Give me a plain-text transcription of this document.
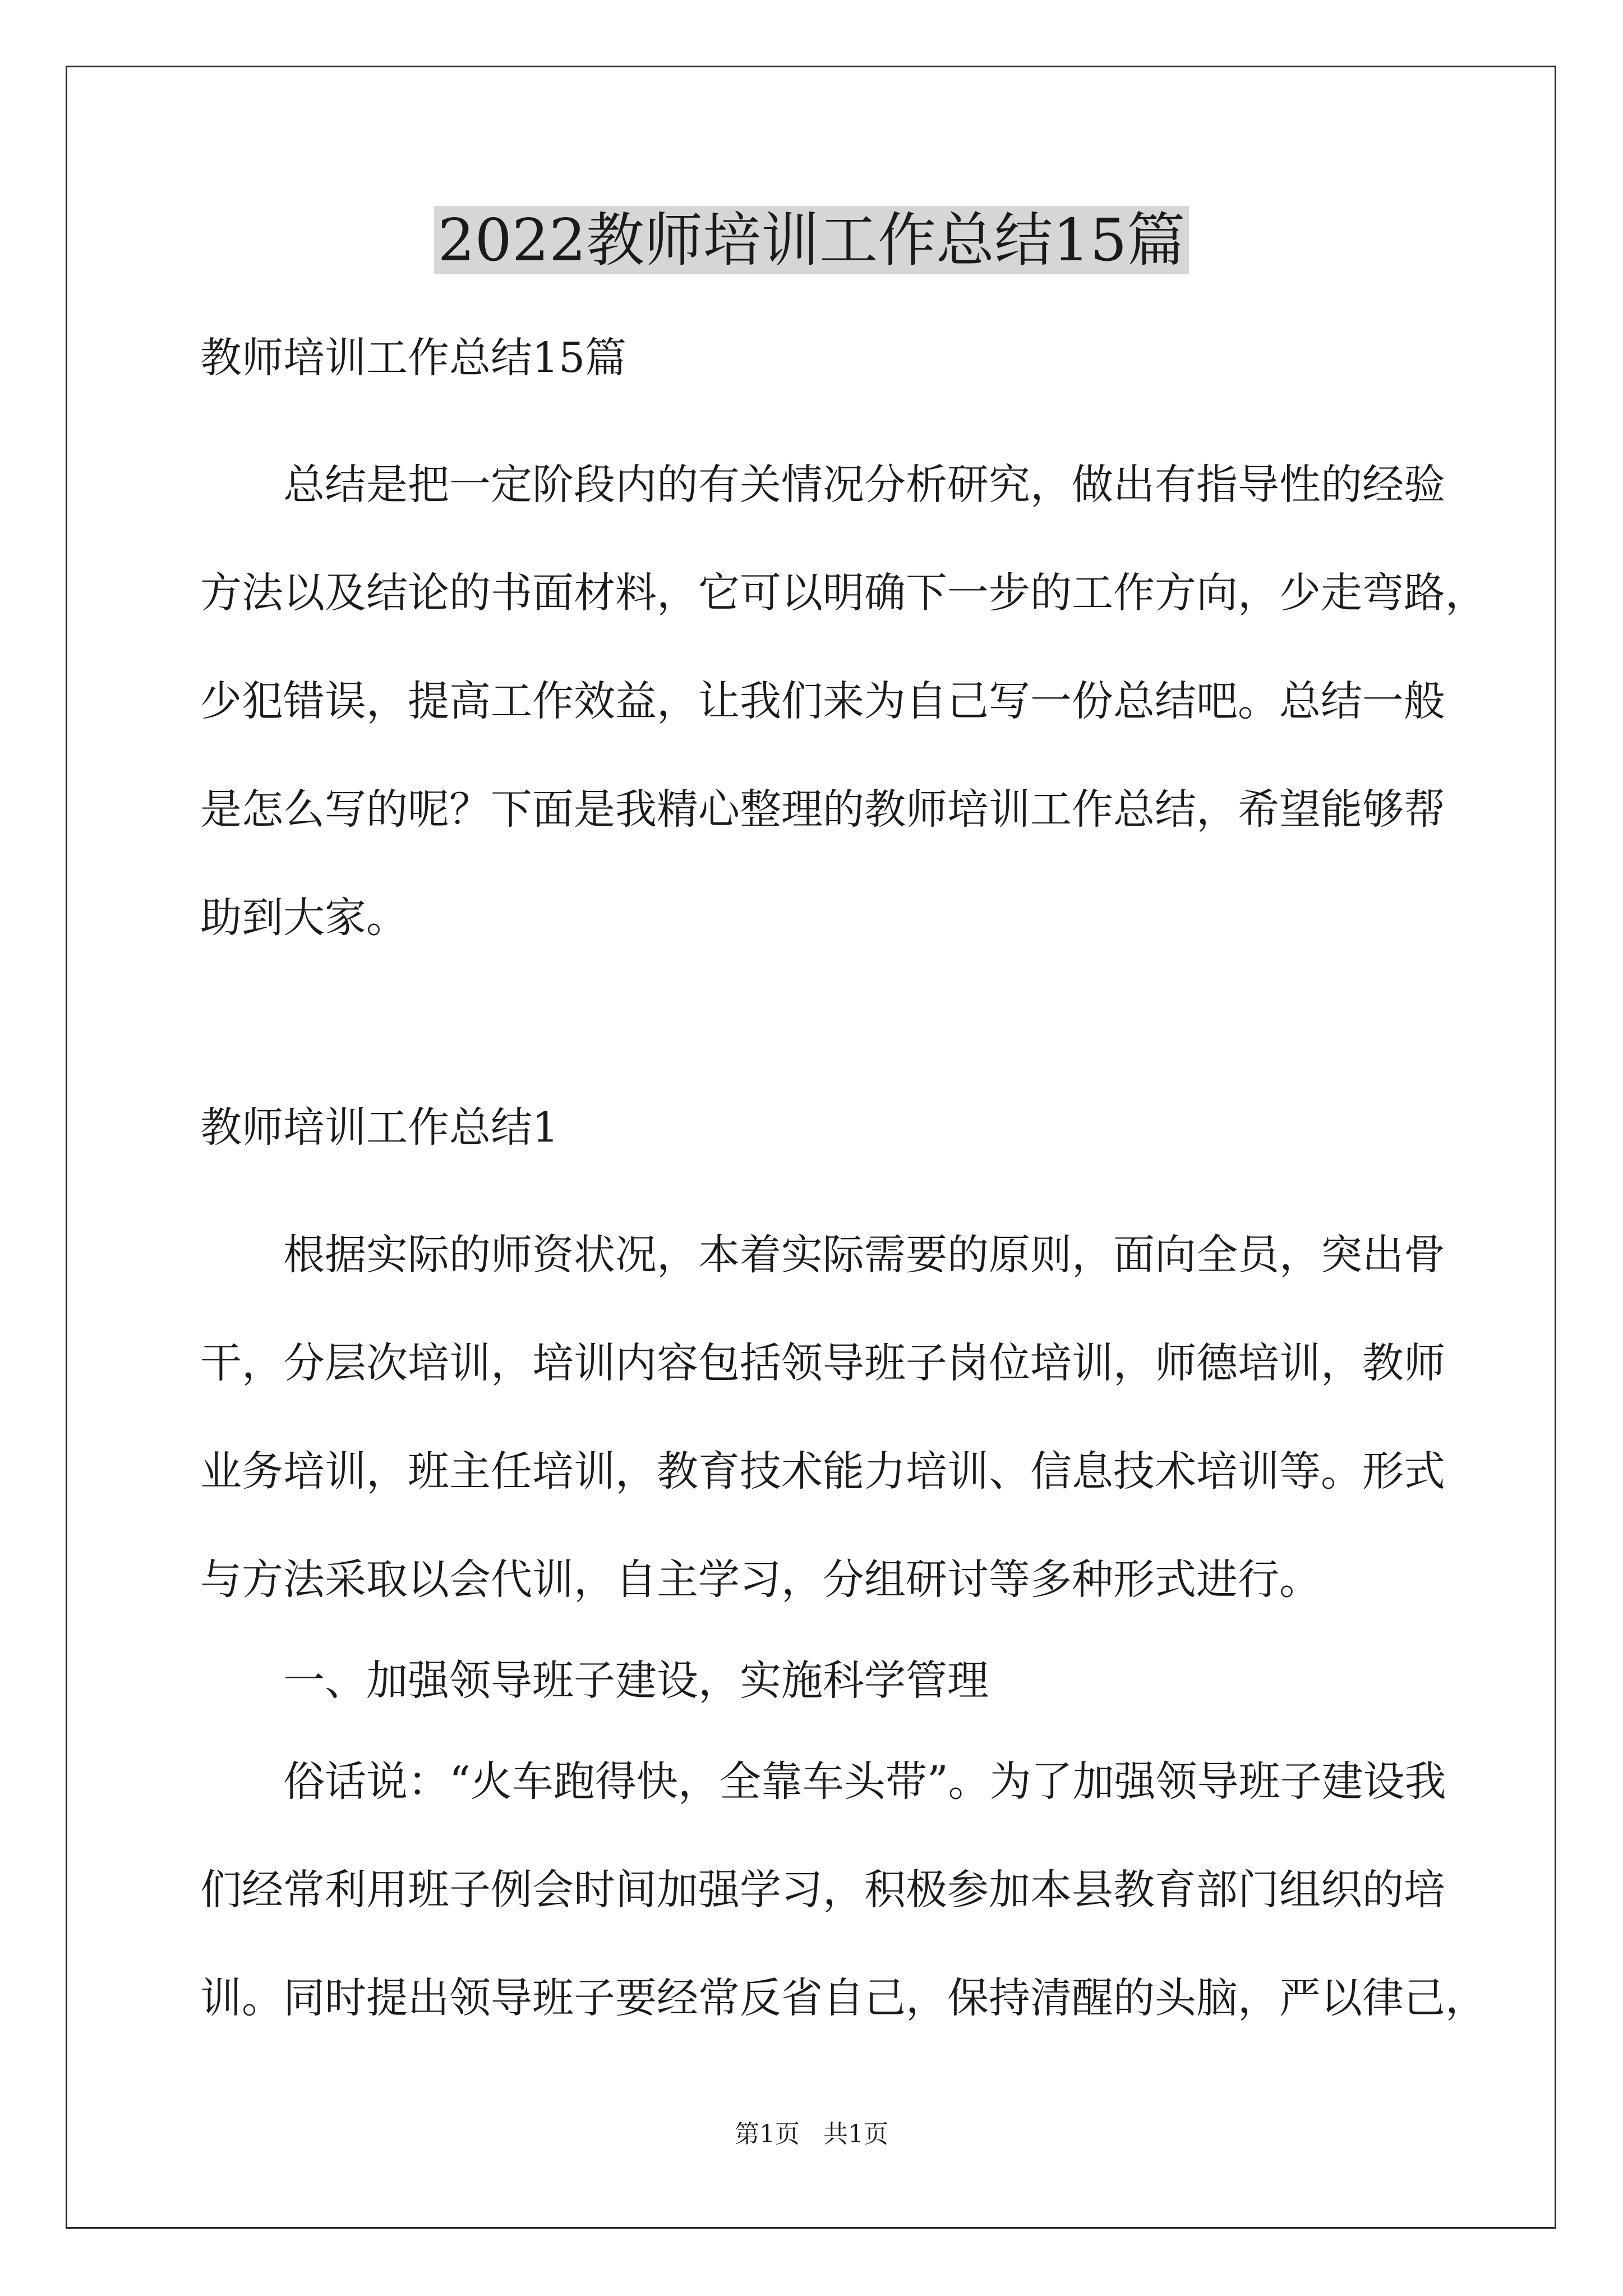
2022教师培训工作总结15篇
教师培训工作总结15篇
总结是把一定阶段内的有关情况分析研究，做出有指导性的经验
方法以及结论的书面材料，它可以明确下一步的工作方向，少走弯路，
少犯错误，提高工作效益，让我们来为自己写一份总结吧。总结一般
是怎么写的呢？下面是我精心整理的教师培训工作总结，希望能够帮
助到大家。
教师培训工作总结1
根据实际的师资状况，本着实际需要的原则，面向全员，突出骨
干，分层次培训，培训内容包括领导班子岗位培训，师德培训，教师
业务培训，班主任培训，教育技术能力培训、信息技术培训等。形式
与方法采取以会代训，自主学习，分组研讨等多种形式进行。
一、加强领导班子建设，实施科学管理
俗话说：“火车跑得快，全靠车头带”。为了加强领导班子建设我
们经常利用班子例会时间加强学习，积极参加本县教育部门组织的培
训。同时提出领导班子要经常反省自己，保持清醒的头脑，严以律己，
第1页   共1页
